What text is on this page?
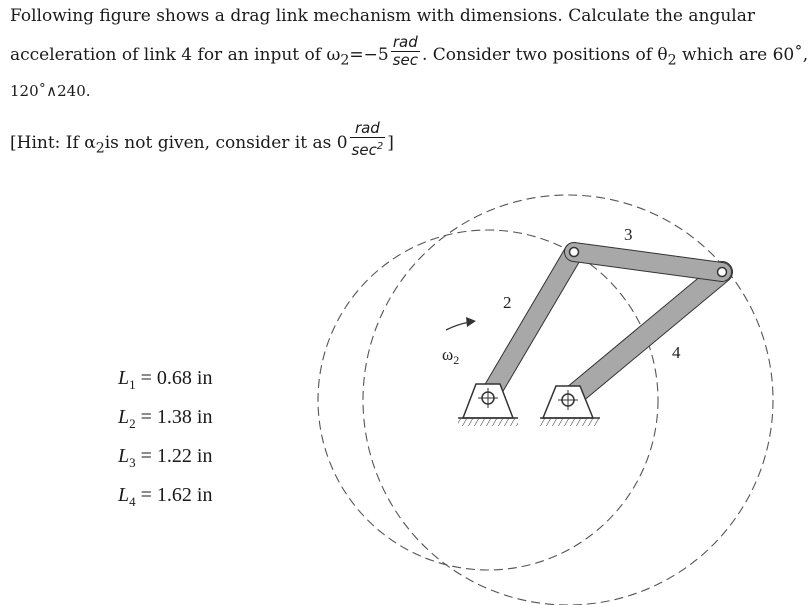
Following figure shows a drag link mechanism with dimensions. Calculate the angular
acceleration of link 4 for an input of $\omega_2=-5 \frac{\text{rad}}{\sec}$ . Consider two positions of $\theta_2$ which are 60˚,
120˚∧240.
[Hint: If $\alpha_2is$ not given, consider it as $0 \frac{\text{rad}}{\sec^2}$ ]
$L_1 = 0.68$ in
$L_2 = 1.38$ in
$L_3 = 1.22$ in
$L_4 = 1.62$ in
$\omega_2$
2
3
4
